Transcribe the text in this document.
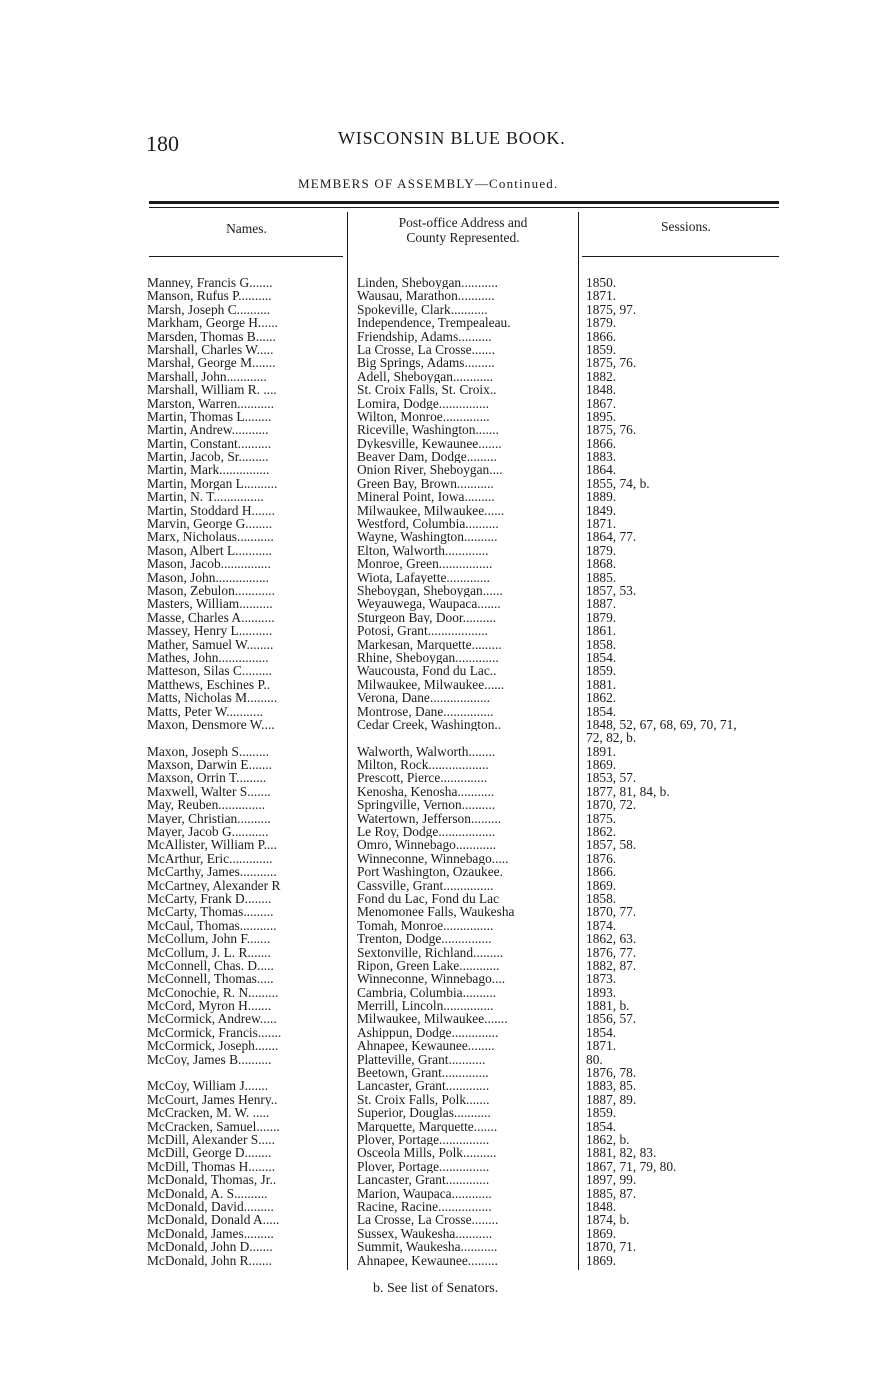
180	WISCONSIN BLUE BOOK.
MEMBERS OF ASSEMBLY—Continued.
Names.	Post-office Address and
County Represented.
Sessions.
Manney, Francis G.......	Linden, Sheboygan...........	1850.
Manson, Rufus P..........	Wausau, Marathon...........	1871.
Marsh, Joseph C..........	Spokeville, Clark...........	1875, 97.
Markham, George H......	Independence, Trempealeau.	1879.
Marsden, Thomas B......	Friendship, Adams..........	1866.
Marshall, Charles W.....	La Crosse, La Crosse.......	1859.
Marshal, George M.......	Big Springs, Adams.........	1875, 76.
Marshall, John............	Adell, Sheboygan............	1882.
Marshall, William R. ....	St. Croix Falls, St. Croix..	1848.
Marston, Warren...........	Lomira, Dodge...............	1867.
Martin, Thomas L........	Wilton, Monroe..............	1895.
Martin, Andrew...........	Riceville, Washington.......	1875, 76.
Martin, Constant..........	Dykesville, Kewaunee.......	1866.
Martin, Jacob, Sr.........	Beaver Dam, Dodge.........	1883.
Martin, Mark...............	Onion River, Sheboygan....	1864.
Martin, Morgan L..........	Green Bay, Brown...........	1855, 74, b.
Martin, N. T...............	Mineral Point, Iowa.........	1889.
Martin, Stoddard H.......	Milwaukee, Milwaukee......	1849.
Marvin, George G........	Westford, Columbia..........	1871.
Marx, Nicholaus...........	Wayne, Washington..........	1864, 77.
Mason, Albert L...........	Elton, Walworth.............	1879.
Mason, Jacob...............	Monroe, Green................	1868.
Mason, John................	Wiota, Lafayette.............	1885.
Mason, Zebulon............	Sheboygan, Sheboygan......	1857, 53.
Masters, William..........	Weyauwega, Waupaca.......	1887.
Masse, Charles A..........	Sturgeon Bay, Door..........	1879.
Massey, Henry L..........	Potosi, Grant..................	1861.
Mather, Samuel W........	Markesan, Marquette.........	1858.
Mathes, John...............	Rhine, Sheboygan.............	1854.
Matteson, Silas C.........	Waucousta, Fond du Lac..	1859.
Matthews, Eschines P..	Milwaukee, Milwaukee......	1881.
Matts, Nicholas M.........	Verona, Dane..................	1862.
Matts, Peter W...........	Montrose, Dane...............	1854.
Maxon, Densmore W....	Cedar Creek, Washington..	1848, 52, 67, 68, 69, 70, 71,
72, 82, b.
Maxon, Joseph S.........	Walworth, Walworth........	1891.
Maxson, Darwin E.......	Milton, Rock..................	1869.
Maxson, Orrin T.........	Prescott, Pierce..............	1853, 57.
Maxwell, Walter S.......	Kenosha, Kenosha...........	1877, 81, 84, b.
May, Reuben..............	Springville, Vernon..........	1870, 72.
Mayer, Christian..........	Watertown, Jefferson.........	1875.
Mayer, Jacob G...........	Le Roy, Dodge.................	1862.
McAllister, William P....	Omro, Winnebago............	1857, 58.
McArthur, Eric.............	Winneconne, Winnebago.....	1876.
McCarthy, James...........	Port Washington, Ozaukee.	1866.
McCartney, Alexander R	Cassville, Grant...............	1869.
McCarty, Frank D........	Fond du Lac, Fond du Lac	1858.
McCarty, Thomas.........	Menomonee Falls, Waukesha	1870, 77.
McCaul, Thomas...........	Tomah, Monroe...............	1874.
McCollum, John F.......	Trenton, Dodge...............	1862, 63.
McCollum, J. L. R.......	Sextonville, Richland.........	1876, 77.
McConnell, Chas. D.....	Ripon, Green Lake............	1882, 87.
McConnell, Thomas.....	Winneconne, Winnebago....	1873.
McConochie, R. N.........	Cambria, Columbia..........	1893.
McCord, Myron H.......	Merrill, Lincoln...............	1881, b.
McCormick, Andrew.....	Milwaukee, Milwaukee.......	1856, 57.
McCormick, Francis.......	Ashippun, Dodge..............	1854.
McCormick, Joseph.......	Ahnapee, Kewaunee........	1871.
McCoy, James B..........	Platteville, Grant...........	80.
Beetown, Grant..............	1876, 78.
McCoy, William J.......	Lancaster, Grant.............	1883, 85.
McCourt, James Henry..	St. Croix Falls, Polk.......	1887, 89.
McCracken, M. W. .....	Superior, Douglas...........	1859.
McCracken, Samuel.......	Marquette, Marquette.......	1854.
McDill, Alexander S.....	Plover, Portage...............	1862, b.
McDill, George D........	Osceola Mills, Polk..........	1881, 82, 83.
McDill, Thomas H........	Plover, Portage...............	1867, 71, 79, 80.
McDonald, Thomas, Jr..	Lancaster, Grant.............	1897, 99.
McDonald, A. S..........	Marion, Waupaca............	1885, 87.
McDonald, David.........	Racine, Racine................	1848.
McDonald, Donald A.....	La Crosse, La Crosse........	1874, b.
McDonald, James.........	Sussex, Waukesha...........	1869.
McDonald, John D.......	Summit, Waukesha...........	1870, 71.
McDonald, John R.......	Ahnapee, Kewaunee.........	1869.
b. See list of Senators.
